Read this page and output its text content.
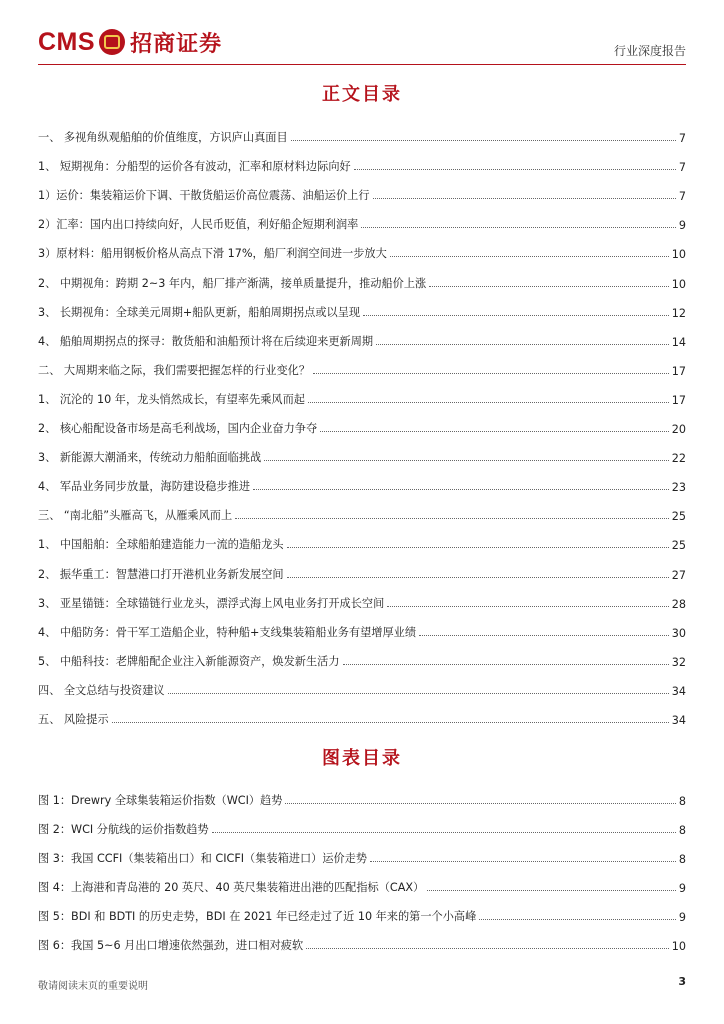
CMS 招商证券	行业深度报告
正文目录
一、 多视角纵观船舶的价值维度，方识庐山真面目	7
1、 短期视角：分船型的运价各有波动，汇率和原材料边际向好	7
1）运价：集装箱运价下调、干散货船运价高位震荡、油船运价上行	7
2）汇率：国内出口持续向好，人民币贬值，利好船企短期利润率	9
3）原材料：船用钢板价格从高点下滑 17%，船厂利润空间进一步放大	10
2、 中期视角：跨期 2~3 年内，船厂排产渐满，接单质量提升，推动船价上涨	10
3、 长期视角：全球美元周期+船队更新，船舶周期拐点或以呈现	12
4、 船舶周期拐点的探寻：散货船和油船预计将在后续迎来更新周期	14
二、 大周期来临之际，我们需要把握怎样的行业变化？	17
1、 沉沦的 10 年，龙头悄然成长，有望率先乘风而起	17
2、 核心船配设备市场是高毛利战场，国内企业奋力争夺	20
3、 新能源大潮涌来，传统动力船舶面临挑战	22
4、 军品业务同步放量，海防建设稳步推进	23
三、 “南北船”头雁高飞，从雁乘风而上	25
1、 中国船舶：全球船舶建造能力一流的造船龙头	25
2、 振华重工：智慧港口打开港机业务新发展空间	27
3、 亚星锚链：全球锚链行业龙头，漂浮式海上风电业务打开成长空间	28
4、 中船防务：骨干军工造船企业，特种船+支线集装箱船业务有望增厚业绩	30
5、 中船科技：老牌船配企业注入新能源资产，焕发新生活力	32
四、 全文总结与投资建议	34
五、 风险提示	34
图表目录
图 1：Drewry 全球集装箱运价指数（WCI）趋势	8
图 2：WCI 分航线的运价指数趋势	8
图 3：我国 CCFI（集装箱出口）和 CICFI（集装箱进口）运价走势	8
图 4：上海港和青岛港的 20 英尺、40 英尺集装箱进出港的匹配指标（CAX）	9
图 5：BDI 和 BDTI 的历史走势，BDI 在 2021 年已经走过了近 10 年来的第一个小高峰	9
图 6：我国 5~6 月出口增速依然强劲，进口相对疲软	10
敬请阅读末页的重要说明	3
